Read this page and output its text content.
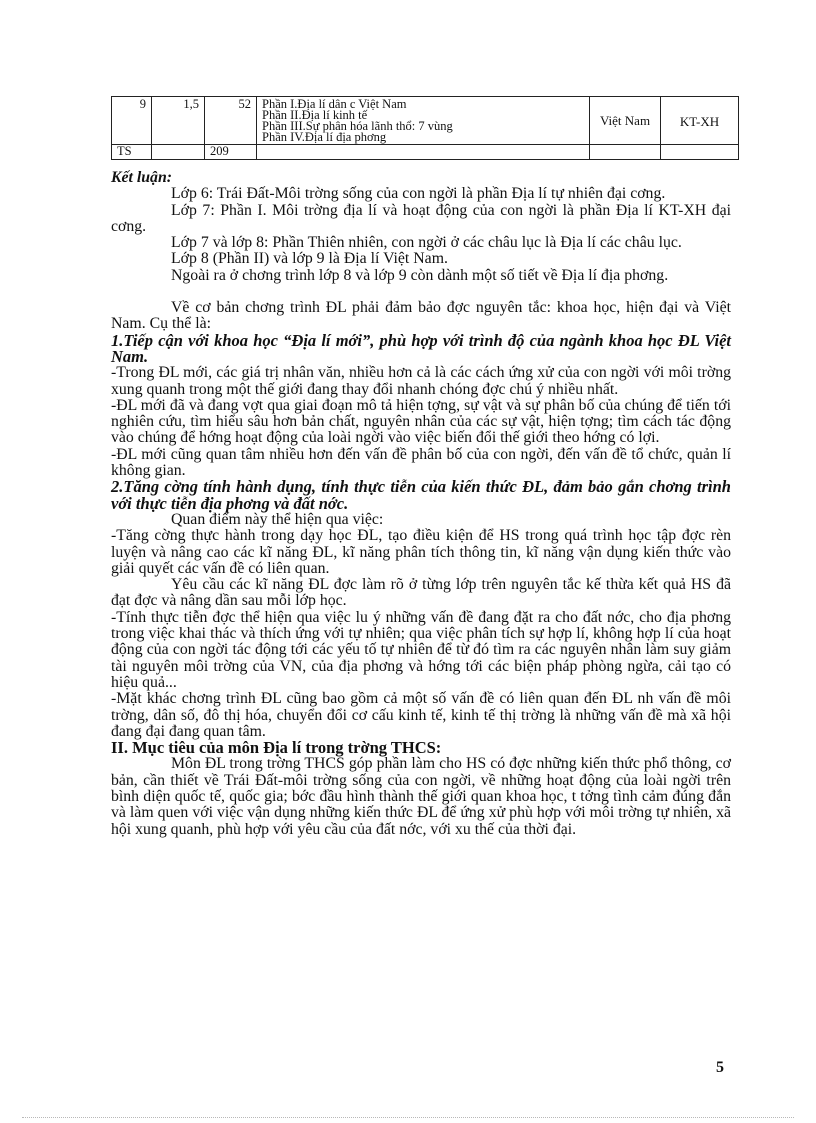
9	1,5	52	Phần I.Địa lí dân c Việt Nam
Phần II.Địa lí kinh tế
Phần III.Sự phân hóa lãnh thổ: 7 vùng
Phần IV.Địa lí địa phơng	Việt Nam	KT-XH
TS		209			

Kết luận:

Lớp 6: Trái Đất-Môi trờng sống của con ngời là phần Địa lí tự nhiên đại cơng.

Lớp 7: Phần I. Môi trờng địa lí và hoạt động của con ngời là phần Địa lí KT-XH đại cơng.

Lớp 7 và lớp 8: Phần Thiên nhiên, con ngời ở các châu lục là Địa lí các châu lục.

Lớp 8 (Phần II) và lớp 9 là Địa lí Việt Nam.

Ngoài ra ở chơng trình lớp 8 và lớp 9 còn dành một số tiết về Địa lí địa phơng.

Về cơ bản chơng trình ĐL phải đảm bảo đợc nguyên tắc: khoa học, hiện đại và Việt Nam. Cụ thể là:

1.Tiếp cận với khoa học “Địa lí mới”, phù hợp với trình độ của ngành khoa học ĐL Việt Nam.

-Trong ĐL mới, các giá trị nhân văn, nhiều hơn cả là các cách ứng xử của con ngời với môi trờng xung quanh trong một thế giới đang thay đổi nhanh chóng đợc chú ý nhiều nhất.

-ĐL mới đã và đang vợt qua giai đoạn mô tả hiện tợng, sự vật và sự phân bố của chúng để tiến tới nghiên cứu, tìm hiểu sâu hơn bản chất, nguyên nhân của các sự vật, hiện tợng; tìm cách tác động vào chúng để hớng hoạt động của loài ngời vào việc biến đổi thế giới theo hớng có lợi.

-ĐL mới cũng quan tâm nhiều hơn đến vấn đề phân bố của con ngời, đến vấn đề tổ chức, quản lí không gian.

2.Tăng cờng tính hành dụng, tính thực tiễn của kiến thức ĐL, đảm bảo gắn chơng trình với thực tiễn địa phơng và đất nớc.

Quan điểm này thể hiện qua việc:

-Tăng cờng thực hành trong dạy học ĐL, tạo điều kiện để HS trong quá trình học tập đợc rèn luyện và nâng cao các kĩ năng ĐL, kĩ năng phân tích thông tin, kĩ năng vận dụng kiến thức vào giải quyết các vấn đề có liên quan.

Yêu cầu các kĩ năng ĐL đợc làm rõ ở từng lớp trên nguyên tắc kế thừa kết quả HS đã đạt đợc và nâng dần sau mỗi lớp học.

-Tính thực tiễn đợc thể hiện qua việc lu ý những vấn đề đang đặt ra cho đất nớc, cho địa phơng trong việc khai thác và thích ứng với tự nhiên; qua việc phân tích sự hợp lí, không hợp lí của hoạt động của con ngời tác động tới các yếu tố tự nhiên để từ đó tìm ra các nguyên nhân làm suy giảm tài nguyên môi trờng của VN, của địa phơng và hớng tới các biện pháp phòng ngừa, cải tạo có hiệu quả...

-Mặt khác chơng trình ĐL cũng bao gồm cả một số vấn đề có liên quan đến ĐL nh vấn đề môi trờng, dân số, đô thị hóa, chuyển đổi cơ cấu kinh tế, kinh tế thị trờng là những vấn đề mà xã hội đang đại đang quan tâm.

II. Mục tiêu của môn Địa lí trong trờng THCS:

Môn ĐL trong trờng THCS góp phần làm cho HS có đợc những kiến thức phổ thông, cơ bản, cần thiết về Trái Đất-môi trờng sống của con ngời, về những hoạt động của loài ngời trên bình diện quốc tế, quốc gia; bớc đầu hình thành thế giới quan khoa học, t tởng tình cảm đúng đắn và làm quen với việc vận dụng những kiến thức ĐL để ứng xử phù hợp với môi trờng tự nhiên, xã hội xung quanh, phù hợp với yêu cầu của đất nớc, với xu thế của thời đại.

5
